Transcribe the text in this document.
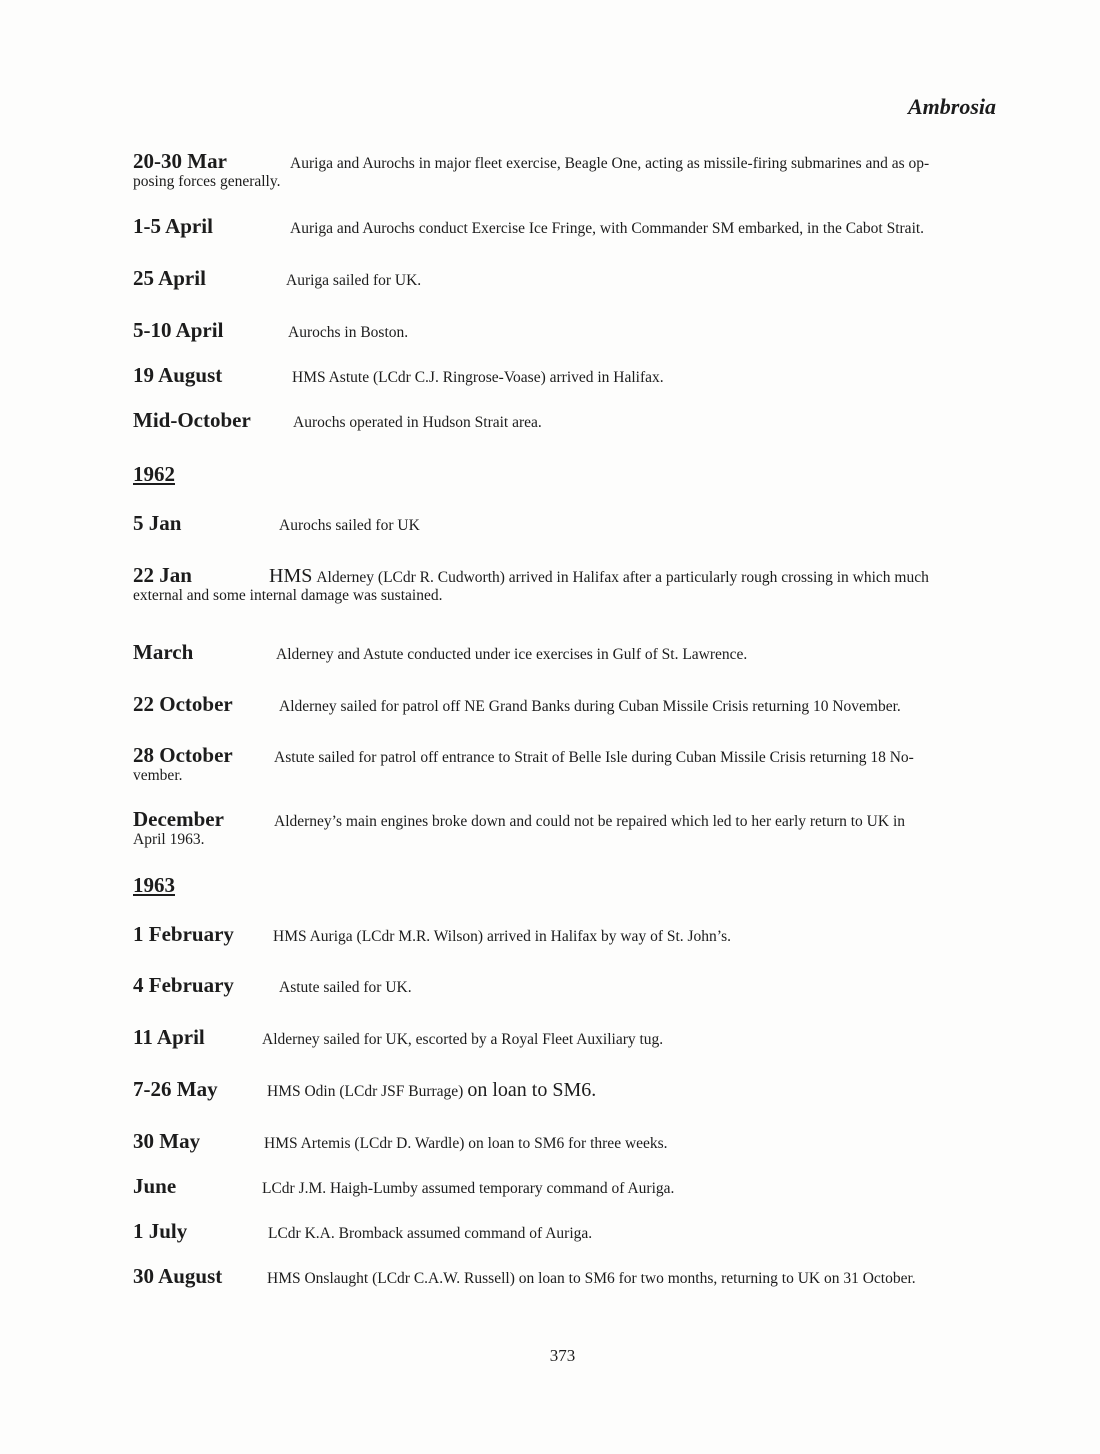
Ambrosia
20-30 Mar	Auriga and Aurochs in major fleet exercise, Beagle One, acting as missile-firing submarines and as op-
posing forces generally.
1-5 April	Auriga and Aurochs conduct Exercise Ice Fringe, with Commander SM embarked, in the Cabot Strait.
25 April	Auriga sailed for UK.
5-10 April	Aurochs in Boston.
19 August	HMS Astute (LCdr C.J. Ringrose-Voase) arrived in Halifax.
Mid-October	Aurochs operated in Hudson Strait area.
1962
5 Jan	Aurochs sailed for UK
22 Jan	HMS Alderney (LCdr R. Cudworth) arrived in Halifax after a particularly rough crossing in which much
external and some internal damage was sustained.
March	Alderney and Astute conducted under ice exercises in Gulf of St. Lawrence.
22 October	Alderney sailed for patrol off NE Grand Banks during Cuban Missile Crisis returning 10 November.
28 October	Astute sailed for patrol off entrance to Strait of Belle Isle during Cuban Missile Crisis returning 18 No-
vember.
December	Alderney’s main engines broke down and could not be repaired which led to her early return to UK in
April 1963.
1963
1 February	HMS Auriga (LCdr M.R. Wilson) arrived in Halifax by way of St. John’s.
4 February	Astute sailed for UK.
11 April	Alderney sailed for UK, escorted by a Royal Fleet Auxiliary tug.
7-26 May	HMS Odin (LCdr JSF Burrage) on loan to SM6.
30 May	HMS Artemis (LCdr D. Wardle) on loan to SM6 for three weeks.
June	LCdr J.M. Haigh-Lumby assumed temporary command of Auriga.
1 July	LCdr K.A. Bromback assumed command of Auriga.
30 August	HMS Onslaught (LCdr C.A.W. Russell) on loan to SM6 for two months, returning to UK on 31 October.
373
